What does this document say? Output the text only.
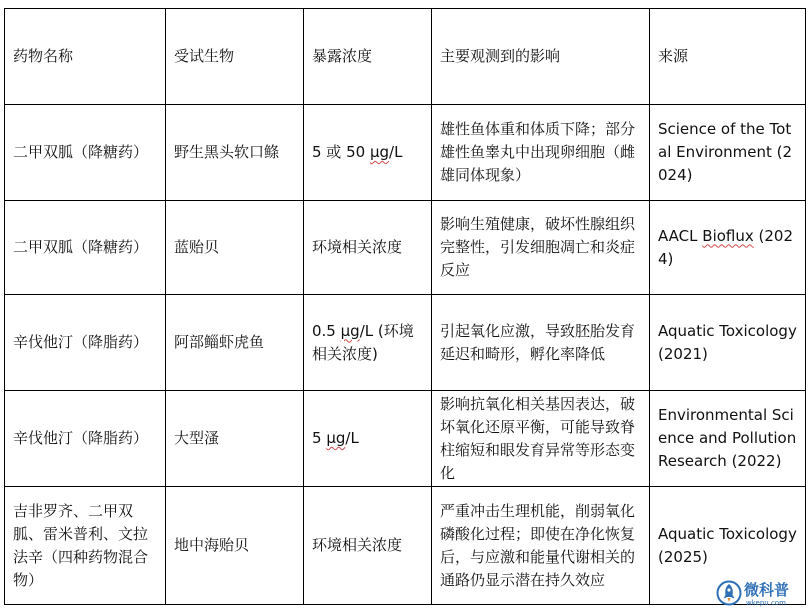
药物名称	受试生物	暴露浓度	主要观测到的影响	来源

二甲双胍（降糖药）	野生黑头软口鲦	5 或 50 μg/L	雄性鱼体重和体质下降；部分雄性鱼睾丸中出现卵细胞（雌雄同体现象）	Science of the Total Environment (2024)

二甲双胍（降糖药）	蓝贻贝	环境相关浓度	影响生殖健康，破坏性腺组织完整性，引发细胞凋亡和炎症反应	AACL Bioflux (2024)

辛伐他汀（降脂药）	阿部鲻虾虎鱼	0.5 μg/L (环境相关浓度)	引起氧化应激，导致胚胎发育延迟和畸形，孵化率降低	Aquatic Toxicology (2021)

辛伐他汀（降脂药）	大型溞	5 μg/L	影响抗氧化相关基因表达，破坏氧化还原平衡，可能导致脊柱缩短和眼发育异常等形态变化	Environmental Science and Pollution Research (2022)

吉非罗齐、二甲双胍、雷米普利、文拉法辛（四种药物混合物）	地中海贻贝	环境相关浓度	严重冲击生理机能，削弱氧化磷酸化过程；即使在净化恢复后，与应激和能量代谢相关的通路仍显示潜在持久效应	Aquatic Toxicology (2025)
微科普
wkepu.com
